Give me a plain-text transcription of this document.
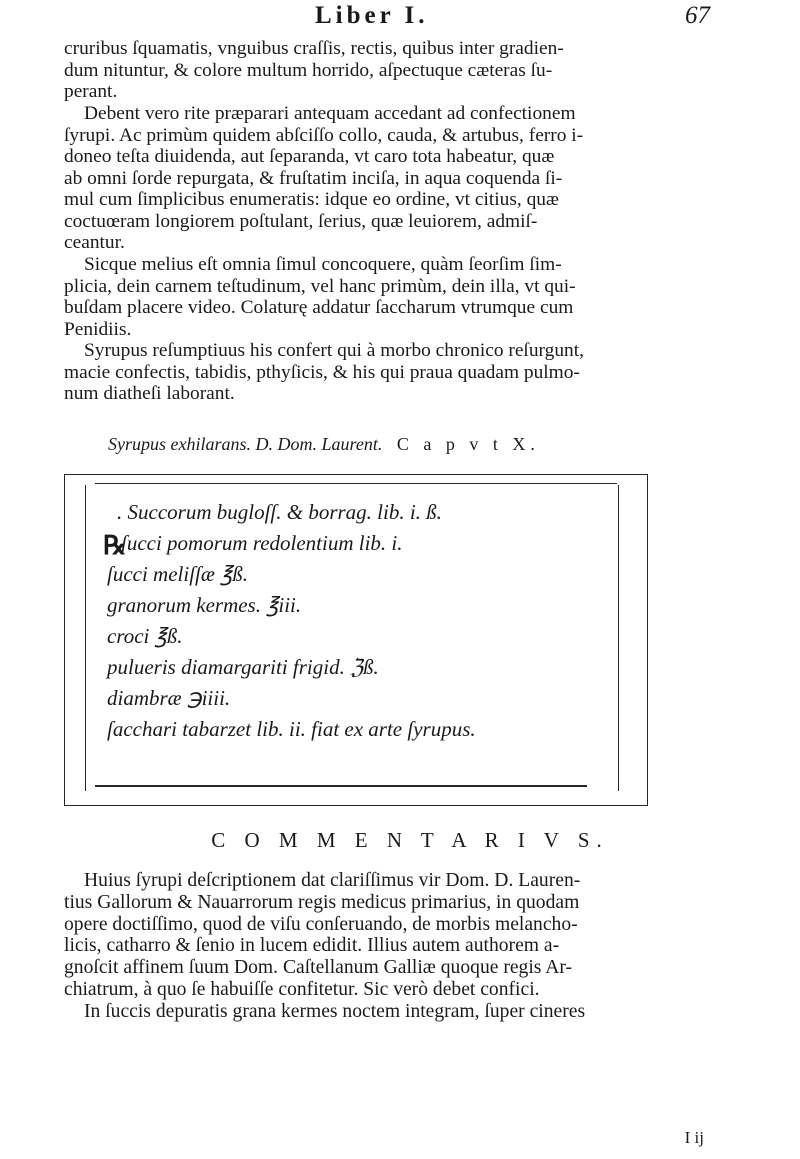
Liber I.	67
cruribus ſquamatis, vnguibus craſſis, rectis, quibus inter gradien-
dum nituntur, & colore multum horrido, aſpectuque cæteras ſu-
perant.
Debent vero rite præparari antequam accedant ad confectionem
ſyrupi. Ac primùm quidem abſciſſo collo, cauda, & artubus, ferro i-
doneo teſta diuidenda, aut ſeparanda, vt caro tota habeatur, quæ
ab omni ſorde repurgata, & fruſtatim inciſa, in aqua coquenda ſi-
mul cum ſimplicibus enumeratis: idque eo ordine, vt citius, quæ
coctuœram longiorem poſtulant, ſerius, quæ leuiorem, admiſ-
ceantur.
Sicque melius eſt omnia ſimul concoquere, quàm ſeorſim ſim-
plicia, dein carnem teſtudinum, vel hanc primùm, dein illa, vt qui-
buſdam placere video. Colaturę addatur ſaccharum vtrumque cum
Penidiis.
Syrupus reſumptiuus his confert qui à morbo chronico reſurgunt,
macie confectis, tabidis, pthyſicis, & his qui praua quadam pulmo-
num diatheſi laborant.
Syrupus exhilarans. D. Dom. Laurent. C a p v t X.
℞
. Succorum bugloſſ. & borrag. lib. i. ß.
ſucci pomorum redolentium lib. i.
ſucci meliſſæ ℥ß.
granorum kermes. ℥iii.
croci ℥ß.
pulueris diamargariti frigid. ℨß.
diambræ ℈iiii.
ſacchari tabarzet lib. ii. fiat ex arte ſyrupus.
C O M M E N T A R I V S.
Huius ſyrupi deſcriptionem dat clariſſimus vir Dom. D. Lauren-
tius Gallorum & Nauarrorum regis medicus primarius, in quodam
opere doctiſſimo, quod de viſu conſeruando, de morbis melancho-
licis, catharro & ſenio in lucem edidit. Illius autem authorem a-
gnoſcit affinem ſuum Dom. Caſtellanum Galliæ quoque regis Ar-
chiatrum, à quo ſe habuiſſe confitetur. Sic verò debet confici.
In ſuccis depuratis grana kermes noctem integram, ſuper cineres
I ij
